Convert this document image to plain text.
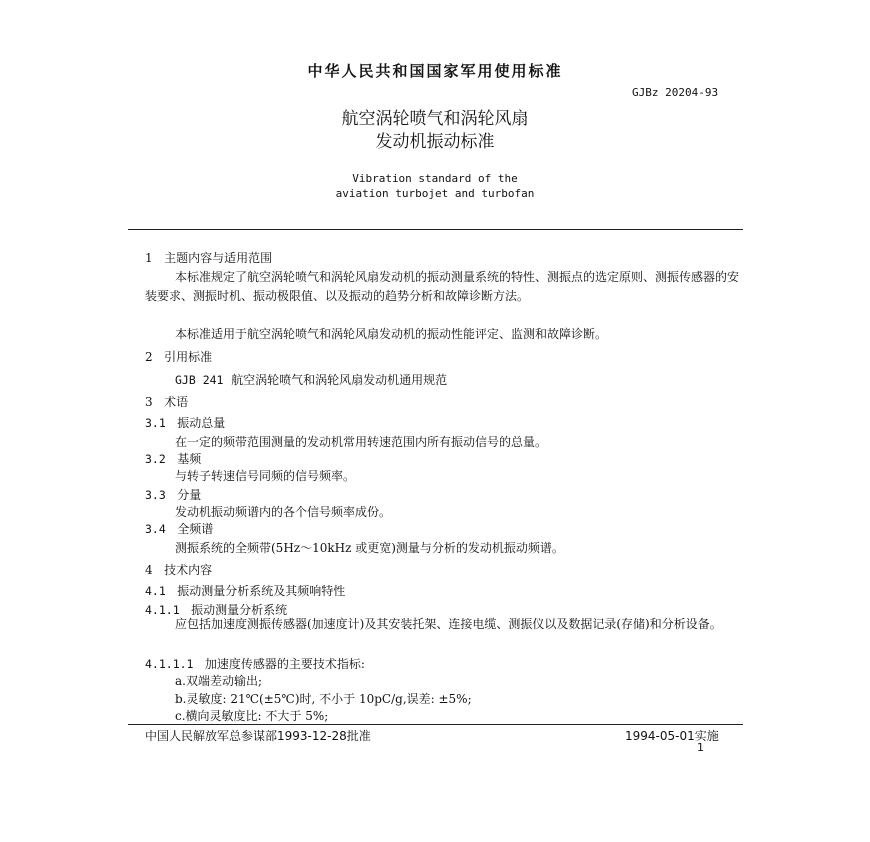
中华人民共和国国家军用使用标准
GJBz 20204-93
航空涡轮喷气和涡轮风扇
发动机振动标准
Vibration standard of the
aviation turbojet and turbofan
1 主题内容与适用范围
本标准规定了航空涡轮喷气和涡轮风扇发动机的振动测量系统的特性、测振点的选定原则、测振传感器的安装要求、测振时机、振动极限值、以及振动的趋势分析和故障诊断方法。
本标准适用于航空涡轮喷气和涡轮风扇发动机的振动性能评定、监测和故障诊断。
2 引用标准
GJB 241 航空涡轮喷气和涡轮风扇发动机通用规范
3 术语
3.1 振动总量
在一定的频带范围测量的发动机常用转速范围内所有振动信号的总量。
3.2 基频
与转子转速信号同频的信号频率。
3.3 分量
发动机振动频谱内的各个信号频率成份。
3.4 全频谱
测振系统的全频带(5Hz～10kHz 或更宽)测量与分析的发动机振动频谱。
4 技术内容
4.1 振动测量分析系统及其频响特性
4.1.1 振动测量分析系统
应包括加速度测振传感器(加速度计)及其安装托架、连接电缆、测振仪以及数据记录(存储)和分析设备。
4.1.1.1 加速度传感器的主要技术指标:
a.双端差动输出;
b.灵敏度: 21℃(±5℃)时, 不小于 10pC/g,误差: ±5%;
c.横向灵敏度比: 不大于 5%;
中国人民解放军总参谋部1993-12-28批准	1994-05-01实施
1
